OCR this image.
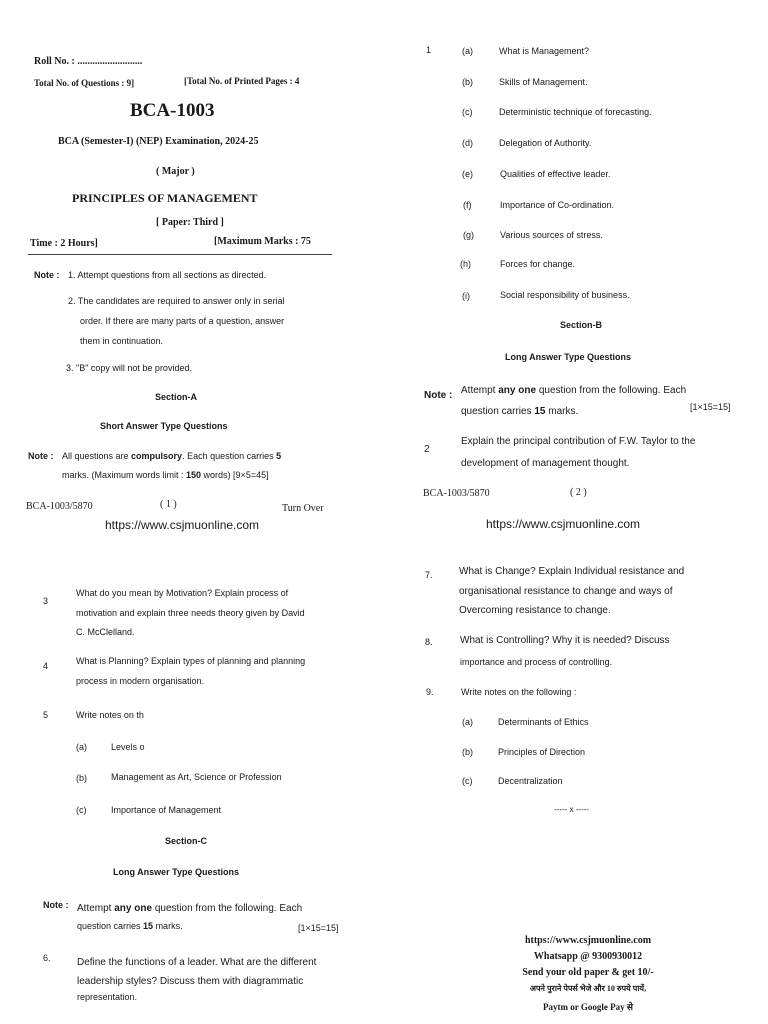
Roll No. : ..........................
Total No. of Questions : 9]	[Total No. of Printed Pages : 4
BCA-1003
BCA (Semester-I) (NEP) Examination, 2024-25
( Major )
PRINCIPLES OF MANAGEMENT
[ Paper: Third ]
Time : 2 Hours]	[Maximum Marks : 75
Note : 1. Attempt questions from all sections as directed.
2. The candidates are required to answer only in serial
order. If there are many parts of a question, answer
them in continuation.
3. "B" copy will not be provided.
Section-A
Short Answer Type Questions
Note : All questions are compulsory. Each question carries 5
marks. (Maximum words limit : 150 words) [9×5=45]
BCA-1003/5870	( 1 )	Turn Over
https://www.csjmuonline.com
1	(a)	What is Management?
(b)	Skills of Management.
(c)	Deterministic technique of forecasting.
(d)	Delegation of Authority.
(e)	Qualities of effective leader.
(f)	Importance of Co-ordination.
(g)	Various sources of stress.
(h)	Forces for change.
(i)	Social responsibility of business.
Section-B
Long Answer Type Questions
Note : Attempt any one question from the following. Each
question carries 15 marks.	[1×15=15]
2
Explain the principal contribution of F.W. Taylor to the
development of management thought.
BCA-1003/5870	( 2 )
https://www.csjmuonline.com
3
What do you mean by Motivation? Explain process of
motivation and explain three needs theory given by David
C. McClelland.
4	What is Planning? Explain types of planning and planning
process in modern organisation.
5	Write notes on th
(a)	Levels o
(b)	Management as Art, Science or Profession
(c)	Importance of Management
Section-C
Long Answer Type Questions
Note : Attempt any one question from the following. Each
question carries 15 marks.	[1×15=15]
6.	Define the functions of a leader. What are the different
leadership styles? Discuss them with diagrammatic
representation.
7.	What is Change? Explain Individual resistance and
organisational resistance to change and ways of
Overcoming resistance to change.
8.	What is Controlling? Why it is needed? Discuss
importance and process of controlling.
9.	Write notes on the following :
(a)	Determinants of Ethics
(b)	Principles of Direction
(c)	Decentralization
----- x -----
https://www.csjmuonline.com
Whatsapp @ 9300930012
Send your old paper & get 10/-
अपने पुराने पेपर्स भेजे और 10 रुपये पायें,
Paytm or Google Pay से
